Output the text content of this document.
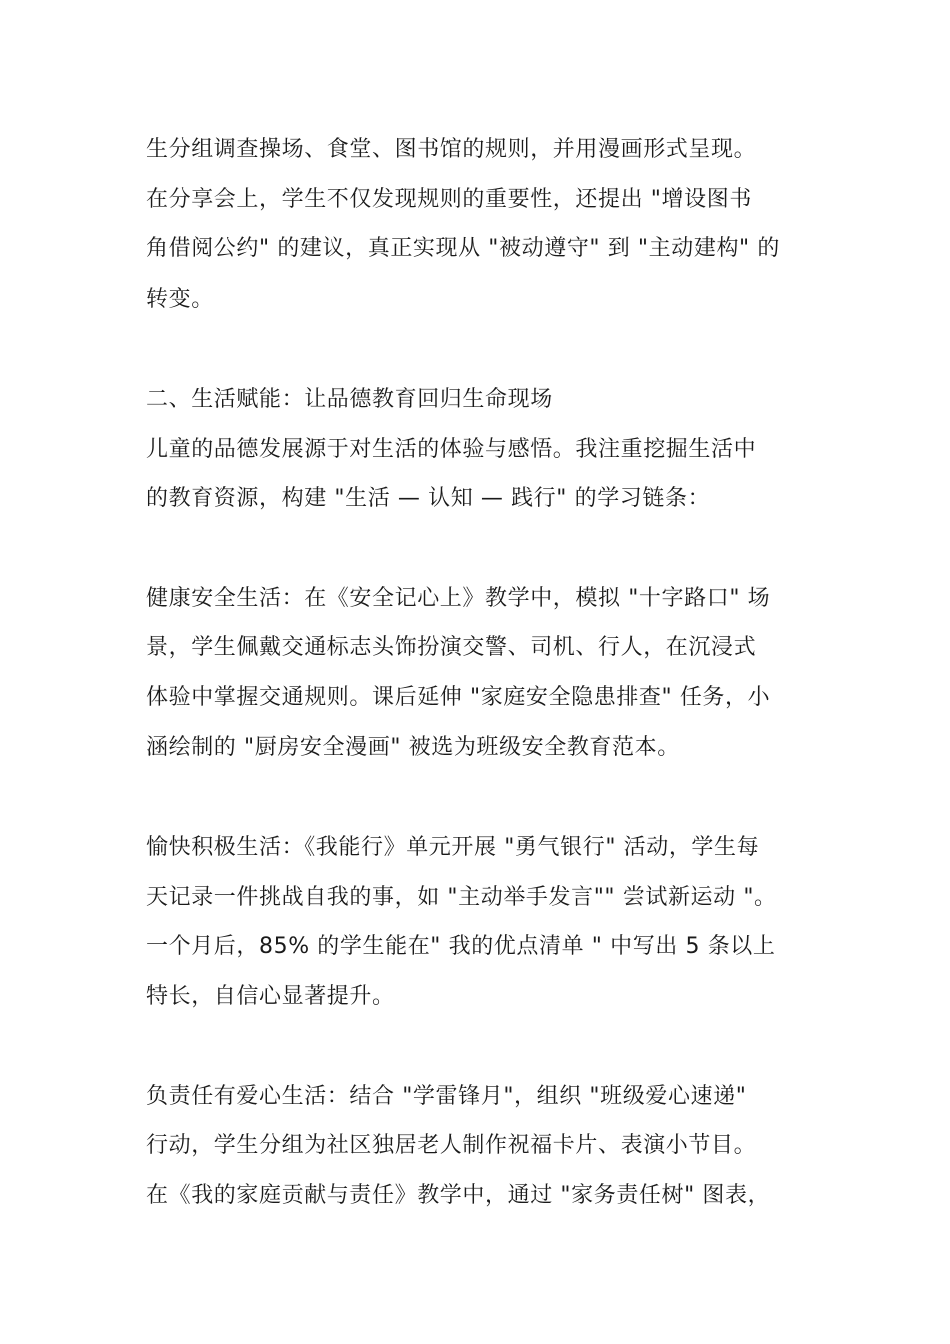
生分组调查操场、食堂、图书馆的规则，并用漫画形式呈现。
在分享会上，学生不仅发现规则的重要性，还提出 "增设图书
角借阅公约" 的建议，真正实现从 "被动遵守" 到 "主动建构" 的
转变。
二、生活赋能：让品德教育回归生命现场
儿童的品德发展源于对生活的体验与感悟。我注重挖掘生活中
的教育资源，构建 "生活 — 认知 — 践行" 的学习链条：
健康安全生活：在《安全记心上》教学中，模拟 "十字路口" 场
景，学生佩戴交通标志头饰扮演交警、司机、行人，在沉浸式
体验中掌握交通规则。课后延伸 "家庭安全隐患排查" 任务，小
涵绘制的 "厨房安全漫画" 被选为班级安全教育范本。
愉快积极生活：《我能行》单元开展 "勇气银行" 活动，学生每
天记录一件挑战自我的事，如 "主动举手发言"" 尝试新运动 "。
一个月后，85% 的学生能在" 我的优点清单 " 中写出 5 条以上
特长，自信心显著提升。
负责任有爱心生活：结合 "学雷锋月"，组织 "班级爱心速递"
行动，学生分组为社区独居老人制作祝福卡片、表演小节目。
在《我的家庭贡献与责任》教学中，通过 "家务责任树" 图表，
